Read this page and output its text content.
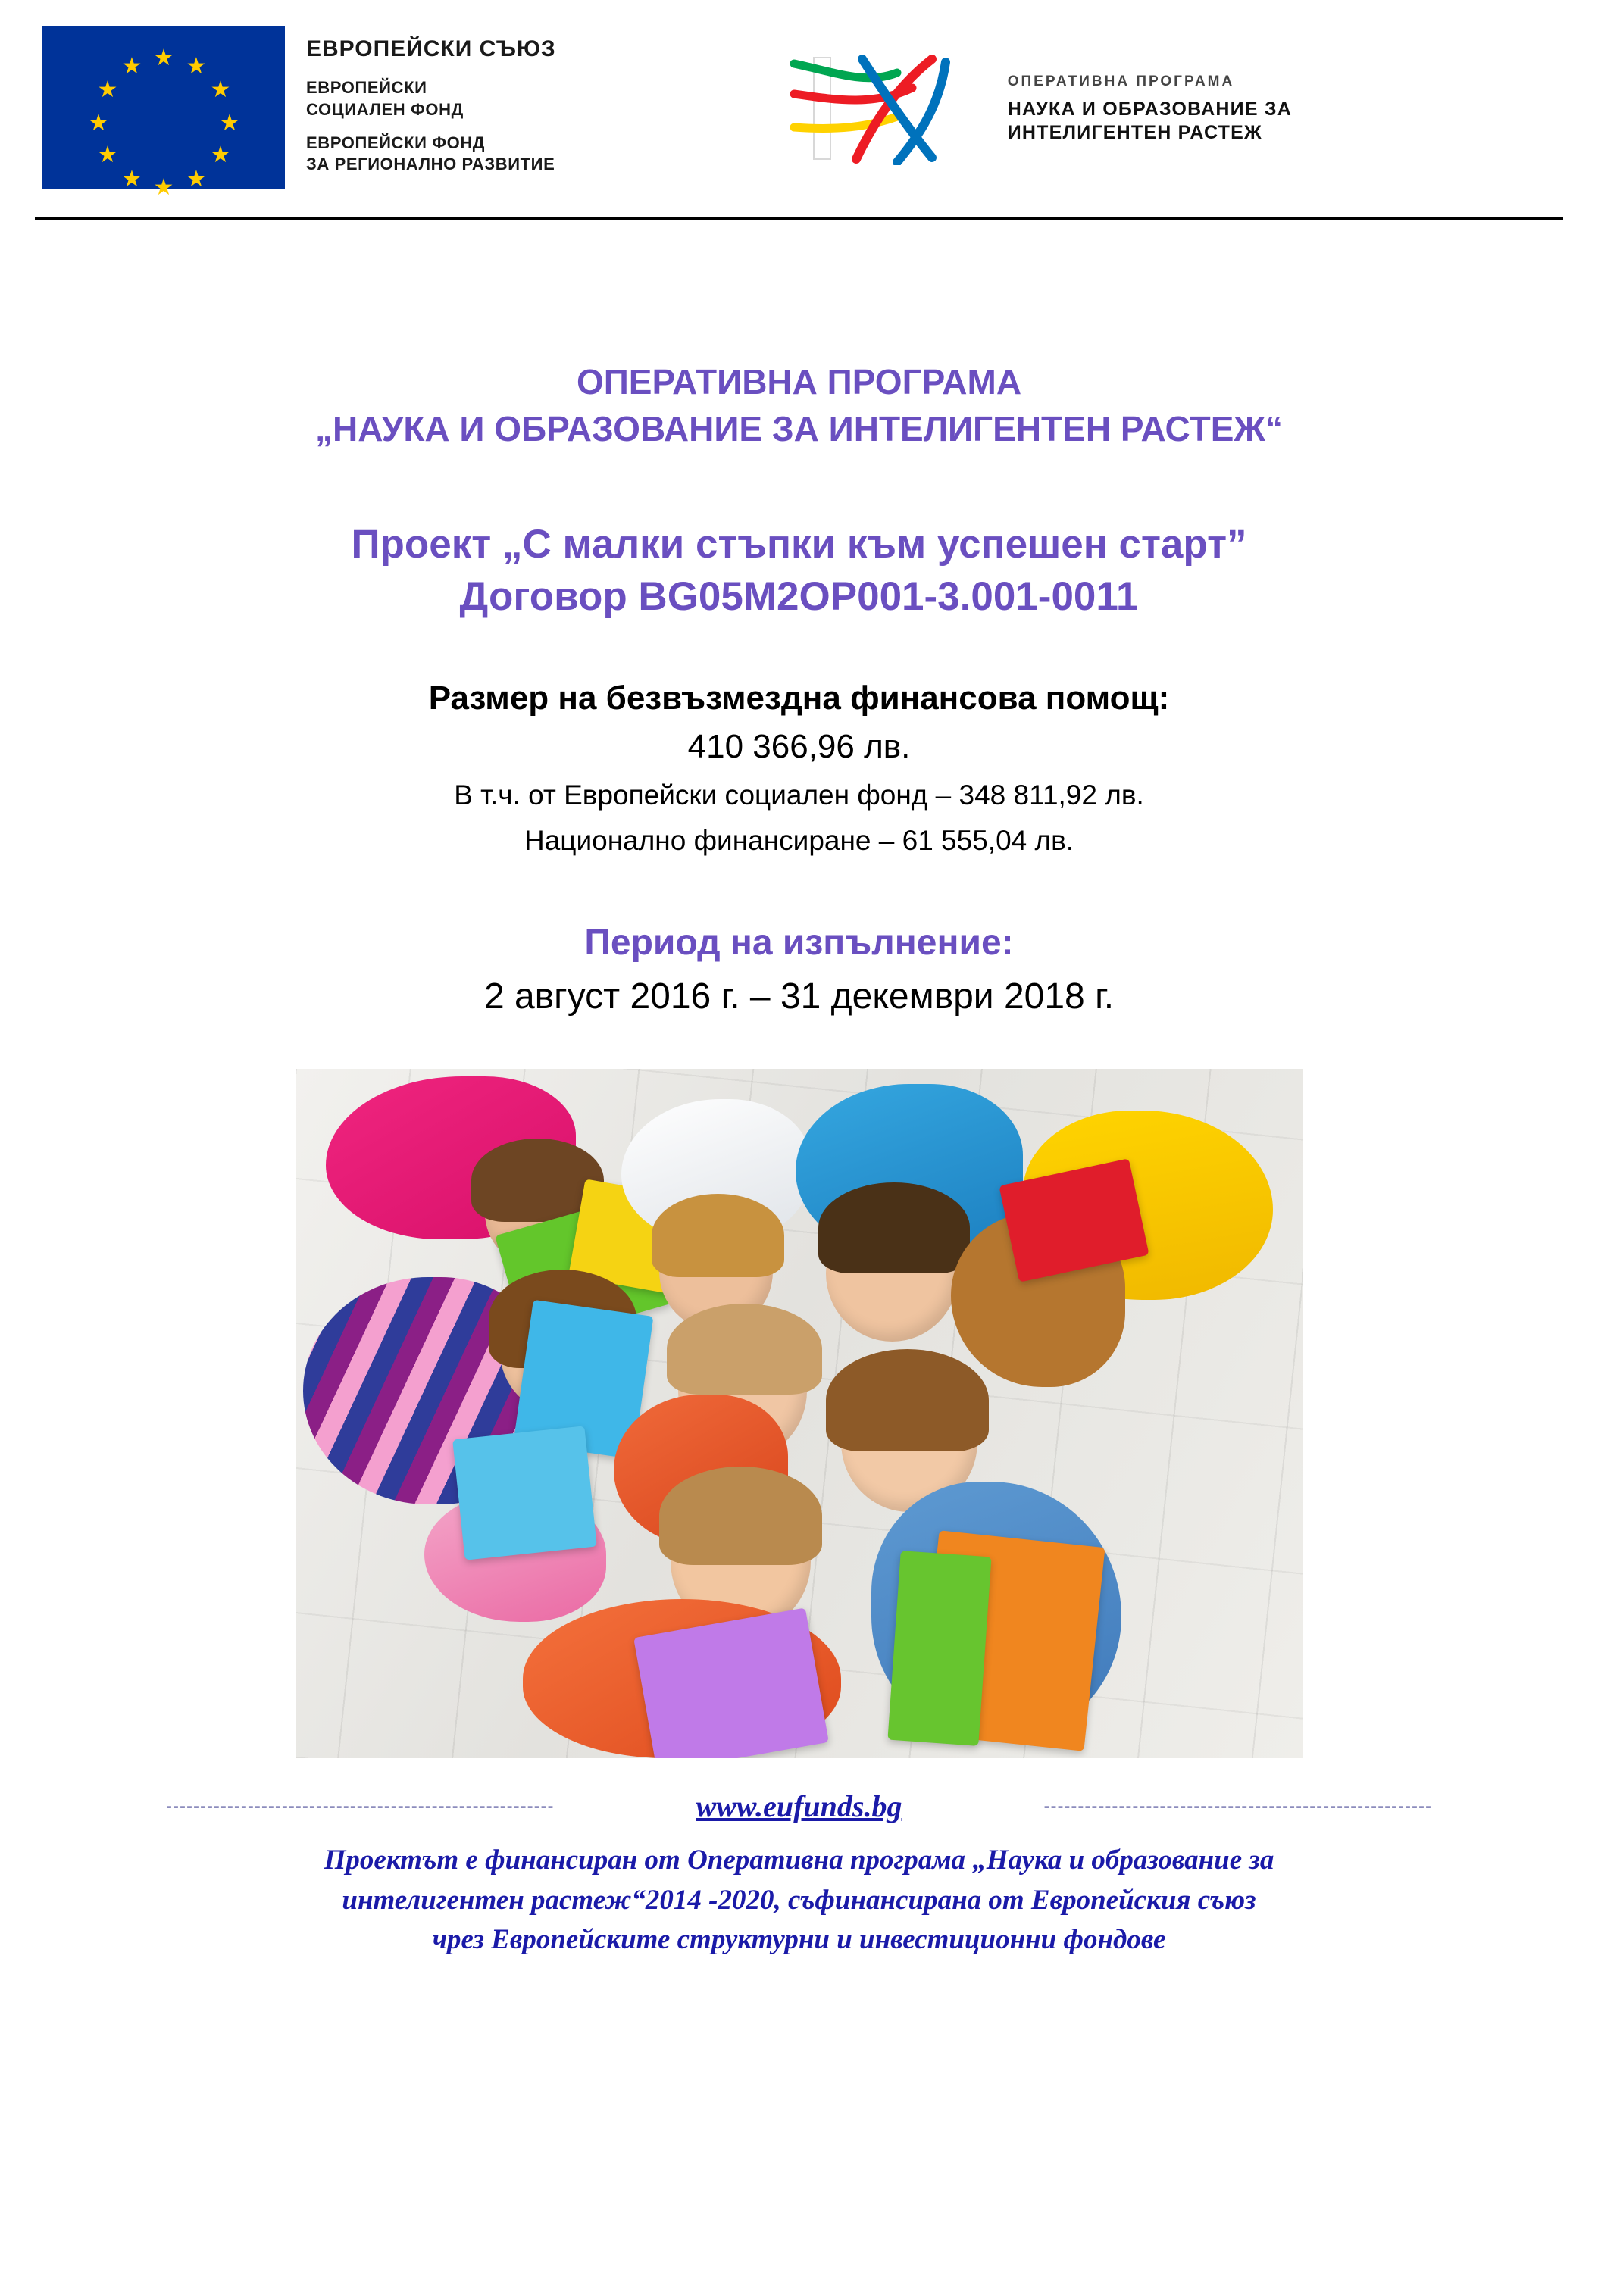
★ ★
★
★
★
★
★
★
★
★
★
★
ЕВРОПЕЙСКИ СЪЮЗ
ЕВРОПЕЙСКИ
СОЦИАЛЕН ФОНД
ЕВРОПЕЙСКИ ФОНД
ЗА РЕГИОНАЛНО РАЗВИТИЕ
ОПЕРАТИВНА ПРОГРАМА
НАУКА И ОБРАЗОВАНИЕ ЗА
ИНТЕЛИГЕНТЕН РАСТЕЖ
ОПЕРАТИВНА ПРОГРАМА
„НАУКА И ОБРАЗОВАНИЕ ЗА ИНТЕЛИГЕНТЕН РАСТЕЖ“
Проект „С малки стъпки към успешен старт”
Договор BG05M2OP001-3.001-0011
Размер на безвъзмездна финансова помощ:
410 366,96 лв.
В т.ч. от Европейски социален фонд – 348 811,92 лв.
Национално финансиране – 61 555,04 лв.
Период на изпълнение:
2 август 2016 г. – 31 декември 2018 г.
---------------------------------------------------------	www.eufunds.bg	---------------------------------------------------------
Проектът е финансиран от Оперативна програма „Наука и образование за
интелигентен растеж“2014 -2020, съфинансирана от Европейския съюз
чрез Европейските структурни и инвестиционни фондове
